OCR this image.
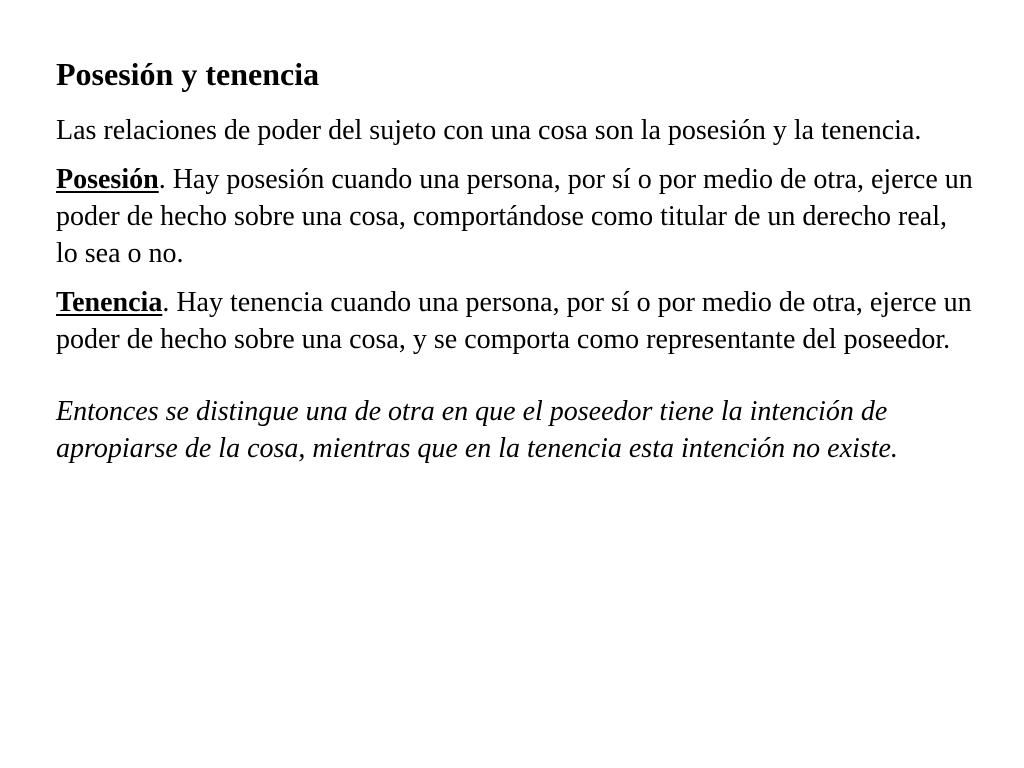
Posesión y tenencia

Las relaciones de poder del sujeto con una cosa son la posesión y la tenencia.

Posesión. Hay posesión cuando una persona, por sí o por medio de otra, ejerce un poder de hecho sobre una cosa, comportándose como titular de un derecho real, lo sea o no.

Tenencia. Hay tenencia cuando una persona, por sí o por medio de otra, ejerce un poder de hecho sobre una cosa, y se comporta como representante del poseedor.

Entonces se distingue una de otra en que el poseedor tiene la intención de apropiarse de la cosa, mientras que en la tenencia esta intención no existe.
